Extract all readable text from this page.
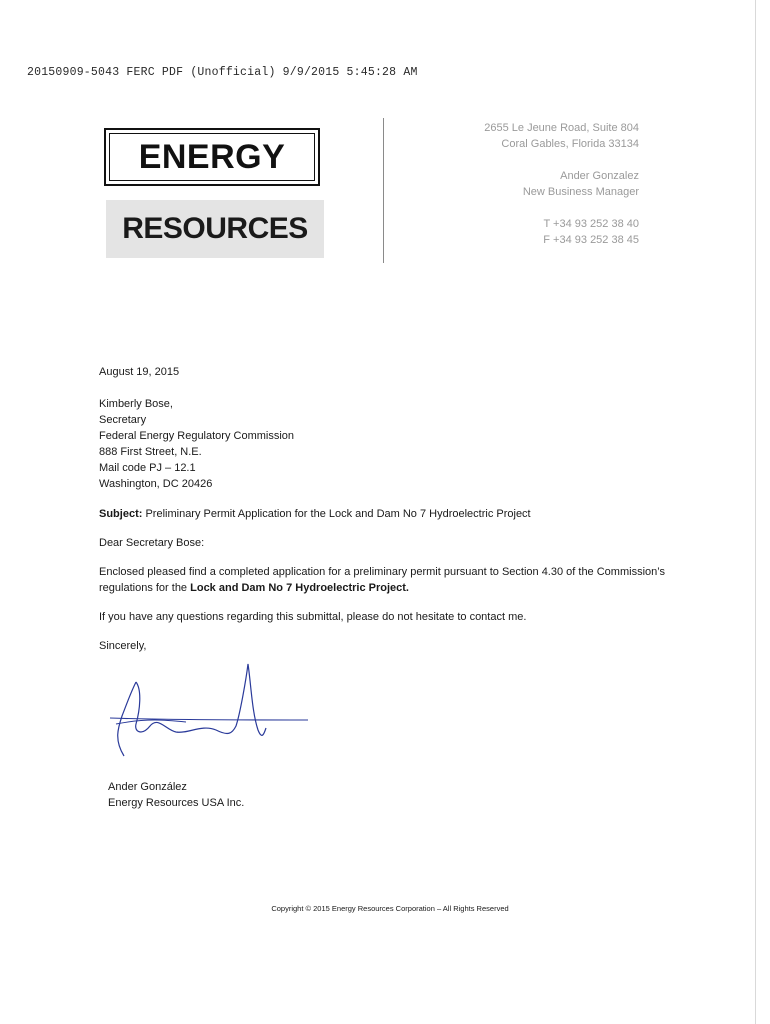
20150909-5043 FERC PDF (Unofficial) 9/9/2015 5:45:28 AM
ENERGY
RESOURCES
2655 Le Jeune Road, Suite 804
Coral Gables, Florida 33134
Ander Gonzalez
New Business Manager
T +34 93 252 38 40
F +34 93 252 38 45

August 19, 2015

Kimberly Bose,

Secretary

Federal Energy Regulatory Commission

888 First Street, N.E.

Mail code PJ – 12.1

Washington, DC 20426

Subject: Preliminary Permit Application for the Lock and Dam No 7 Hydroelectric Project

Dear Secretary Bose:

Enclosed pleased find a completed application for a preliminary permit pursuant to Section 4.30 of the Commission’s regulations for the Lock and Dam No 7 Hydroelectric Project.

If you have any questions regarding this submittal, please do not hesitate to contact me.

Sincerely,

Ander González
Energy Resources USA Inc.
Copyright © 2015 Energy Resources Corporation – All Rights Reserved
